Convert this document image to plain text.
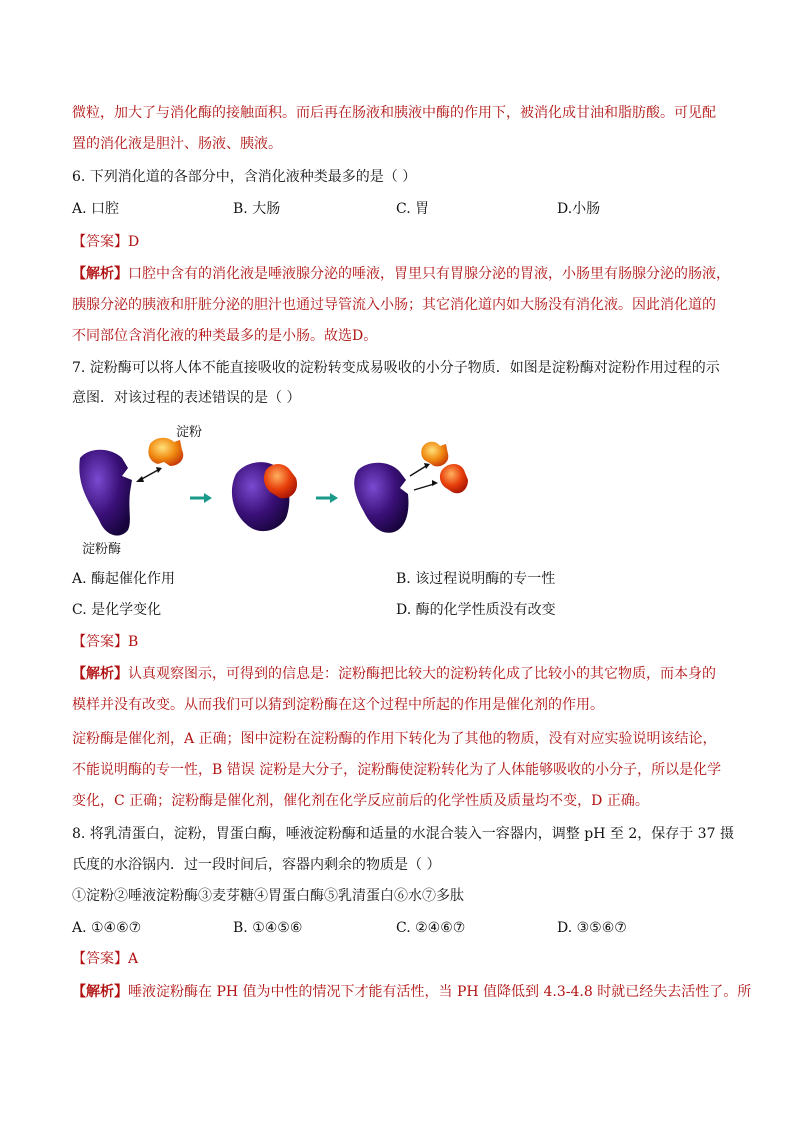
微粒，加大了与消化酶的接触面积。而后再在肠液和胰液中酶的作用下，被消化成甘油和脂肪酸。可见配
置的消化液是胆汁、肠液、胰液。
6. 下列消化道的各部分中，含消化液种类最多的是（ ）
A. 口腔	B. 大肠	C. 胃	D.小肠
【答案】D
【解析】口腔中含有的消化液是唾液腺分泌的唾液，胃里只有胃腺分泌的胃液，小肠里有肠腺分泌的肠液，
胰腺分泌的胰液和肝脏分泌的胆汁也通过导管流入小肠；其它消化道内如大肠没有消化液。因此消化道的
不同部位含消化液的种类最多的是小肠。故选D。
7. 淀粉酶可以将人体不能直接吸收的淀粉转变成易吸收的小分子物质．如图是淀粉酶对淀粉作用过程的示
意图．对该过程的表述错误的是（ ）
淀粉
淀粉酶
A. 酶起催化作用	B. 该过程说明酶的专一性
C. 是化学变化	D. 酶的化学性质没有改变
【答案】B
【解析】认真观察图示，可得到的信息是：淀粉酶把比较大的淀粉转化成了比较小的其它物质，而本身的
模样并没有改变。从而我们可以猜到淀粉酶在这个过程中所起的作用是催化剂的作用。
淀粉酶是催化剂，A 正确；图中淀粉在淀粉酶的作用下转化为了其他的物质，没有对应实验说明该结论，
不能说明酶的专一性，B 错误 淀粉是大分子，淀粉酶使淀粉转化为了人体能够吸收的小分子，所以是化学
变化，C 正确；淀粉酶是催化剂，催化剂在化学反应前后的化学性质及质量均不变，D 正确。
8. 将乳清蛋白，淀粉，胃蛋白酶，唾液淀粉酶和适量的水混合装入一容器内，调整 pH 至 2，保存于 37 摄
氏度的水浴锅内．过一段时间后，容器内剩余的物质是（ ）
①淀粉②唾液淀粉酶③麦芽糖④胃蛋白酶⑤乳清蛋白⑥水⑦多肽
A. ①④⑥⑦	B. ①④⑤⑥	C. ②④⑥⑦	D. ③⑤⑥⑦
【答案】A
【解析】唾液淀粉酶在 PH 值为中性的情况下才能有活性，当 PH 值降低到 4.3-4.8 时就已经失去活性了。所
